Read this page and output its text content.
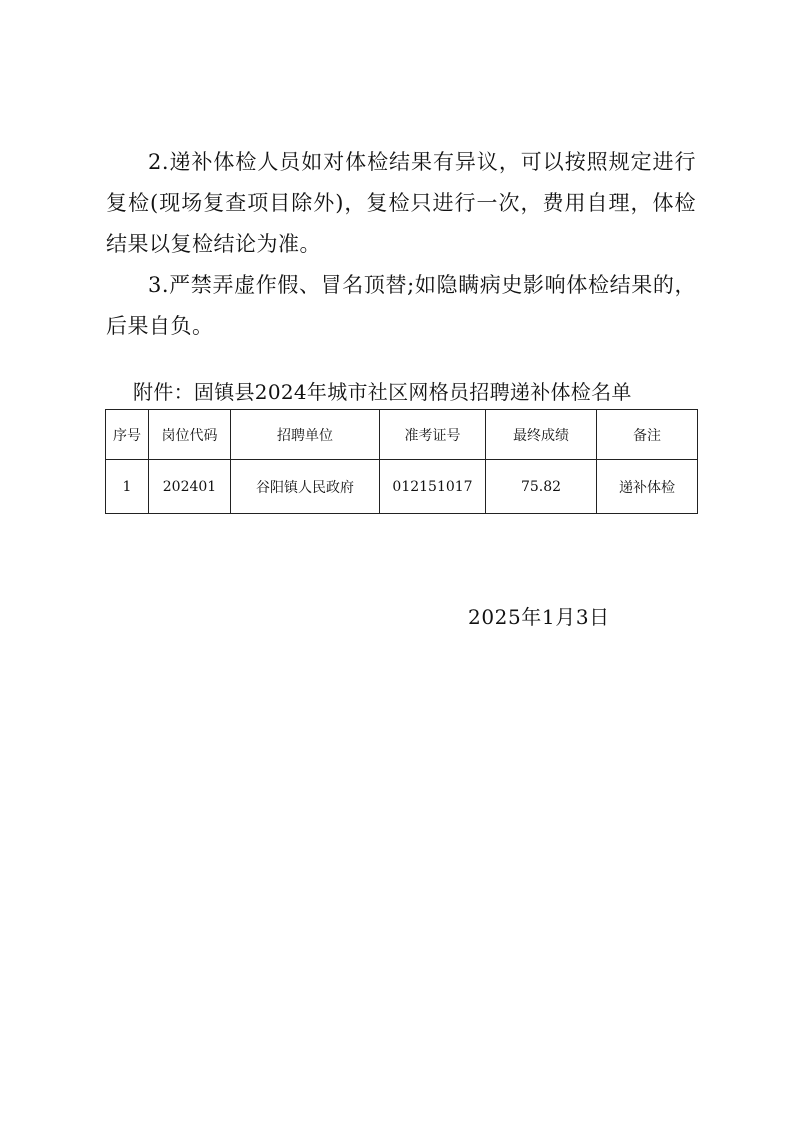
2.递补体检人员如对体检结果有异议，可以按照规定进行复检(现场复查项目除外)，复检只进行一次，费用自理，体检结果以复检结论为准。

3.严禁弄虚作假、冒名顶替;如隐瞒病史影响体检结果的，后果自负。

附件：固镇县2024年城市社区网格员招聘递补体检名单
序号	岗位代码	招聘单位	准考证号	最终成绩	备注
1	202401	谷阳镇人民政府	012151017	75.82	递补体检
2025年1月3日
